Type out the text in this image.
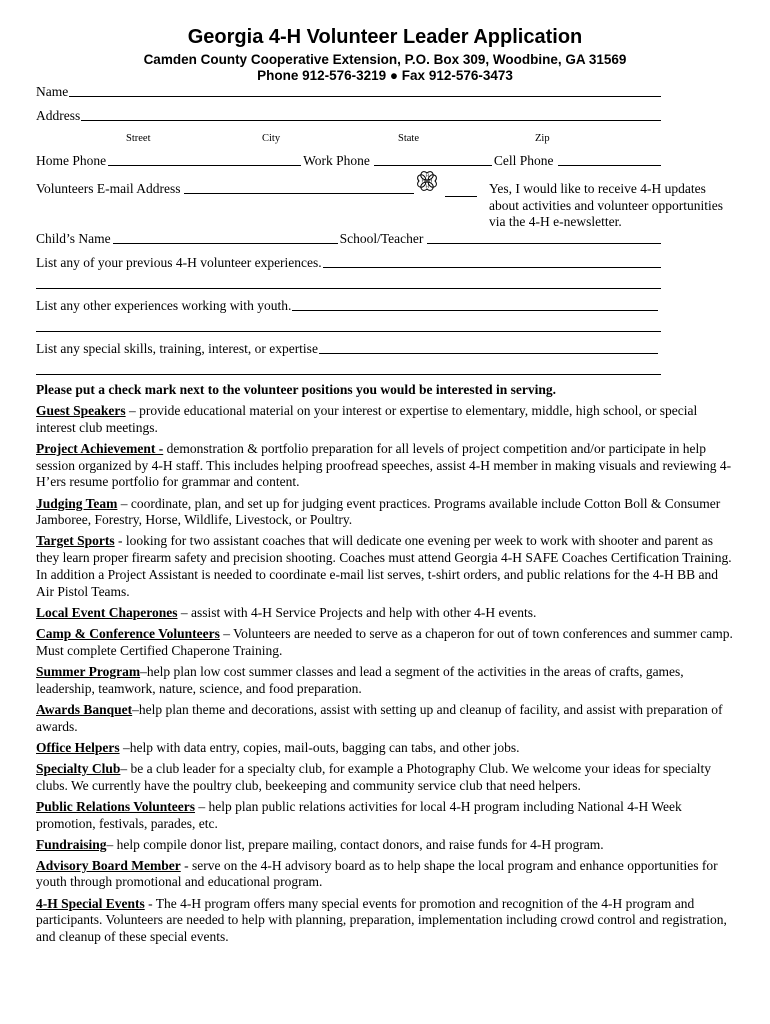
Georgia 4-H Volunteer Leader Application
Camden County Cooperative Extension, P.O. Box 309, Woodbine, GA 31569
Phone 912-576-3219 ● Fax 912-576-3473
Name
Address
Street	City	State	Zip
Home Phone	Work Phone	Cell Phone
Volunteers E-mail Address
H
H
H
H	Yes, I would like to receive 4-H updates about activities and volunteer opportunities via the 4-H e-newsletter.
Child’s Name	School/Teacher
List any of your previous 4-H volunteer experiences.
List any other experiences working with youth.
List any special skills, training, interest, or expertise
Please put a check mark next to the volunteer positions you would be interested in serving.
Guest Speakers – provide educational material on your interest or expertise to elementary, middle, high school, or special interest club meetings.
Project Achievement - demonstration & portfolio preparation for all levels of project competition and/or participate in help session organized by 4-H staff. This includes helping proofread speeches, assist 4-H member in making visuals and reviewing 4-H’ers resume portfolio for grammar and content.
Judging Team – coordinate, plan, and set up for judging event practices. Programs available include Cotton Boll & Consumer Jamboree, Forestry, Horse, Wildlife, Livestock, or Poultry.
Target Sports - looking for two assistant coaches that will dedicate one evening per week to work with shooter and parent as they learn proper firearm safety and precision shooting. Coaches must attend Georgia 4-H SAFE Coaches Certification Training. In addition a Project Assistant is needed to coordinate e-mail list serves, t-shirt orders, and public relations for the 4-H BB and Air Pistol Teams.
Local Event Chaperones – assist with 4-H Service Projects and help with other 4-H events.
Camp & Conference Volunteers – Volunteers are needed to serve as a chaperon for out of town conferences and summer camp. Must complete Certified Chaperone Training.
Summer Program–help plan low cost summer classes and lead a segment of the activities in the areas of crafts, games, leadership, teamwork, nature, science, and food preparation.
Awards Banquet–help plan theme and decorations, assist with setting up and cleanup of facility, and assist with preparation of awards.
Office Helpers –help with data entry, copies, mail-outs, bagging can tabs, and other jobs.
Specialty Club– be a club leader for a specialty club, for example a Photography Club. We welcome your ideas for specialty clubs. We currently have the poultry club, beekeeping and community service club that need helpers.
Public Relations Volunteers – help plan public relations activities for local 4-H program including National 4-H Week promotion, festivals, parades, etc.
Fundraising– help compile donor list, prepare mailing, contact donors, and raise funds for 4-H program.
Advisory Board Member - serve on the 4-H advisory board as to help shape the local program and enhance opportunities for youth through promotional and educational program.
4-H Special Events - The 4-H program offers many special events for promotion and recognition of the 4-H program and participants. Volunteers are needed to help with planning, preparation, implementation including crowd control and registration, and cleanup of these special events.
